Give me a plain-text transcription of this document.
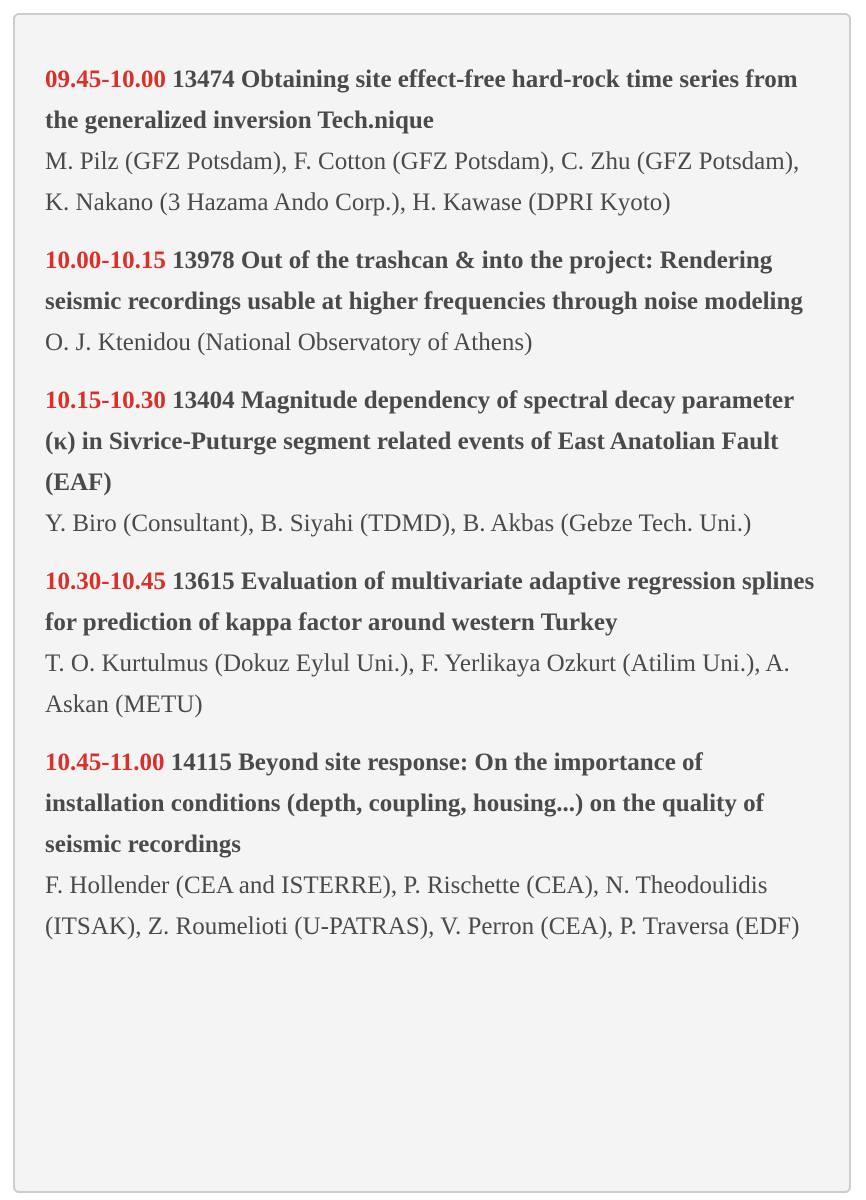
09.45-10.00 13474 Obtaining site effect-free hard-rock time series from the generalized inversion Tech.nique
M. Pilz (GFZ Potsdam), F. Cotton (GFZ Potsdam), C. Zhu (GFZ Potsdam), K. Nakano (3 Hazama Ando Corp.), H. Kawase (DPRI Kyoto)
10.00-10.15 13978 Out of the trashcan & into the project: Rendering seismic recordings usable at higher frequencies through noise modeling
O. J. Ktenidou (National Observatory of Athens)
10.15-10.30 13404 Magnitude dependency of spectral decay parameter (κ) in Sivrice-Puturge segment related events of East Anatolian Fault (EAF)
Y. Biro (Consultant), B. Siyahi (TDMD), B. Akbas (Gebze Tech. Uni.)
10.30-10.45 13615 Evaluation of multivariate adaptive regression splines for prediction of kappa factor around western Turkey
T. O. Kurtulmus (Dokuz Eylul Uni.), F. Yerlikaya Ozkurt (Atilim Uni.), A. Askan (METU)
10.45-11.00 14115 Beyond site response: On the importance of installation conditions (depth, coupling, housing...) on the quality of seismic recordings
F. Hollender (CEA and ISTERRE), P. Rischette (CEA), N. Theodoulidis (ITSAK), Z. Roumelioti (U-PATRAS), V. Perron (CEA), P. Traversa (EDF)
